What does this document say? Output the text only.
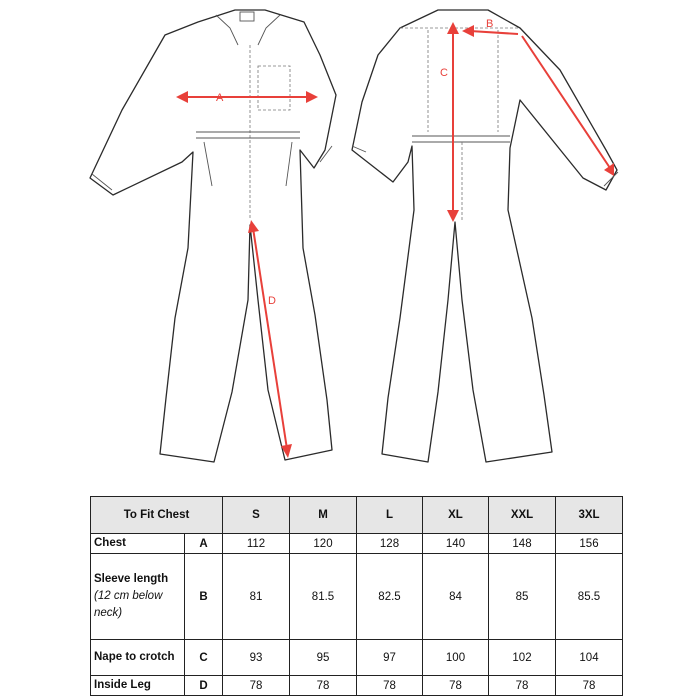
A
B
C
D
To Fit Chest		S	M	L	XL	XXL	3XL
Chest	A	112	120	128	140	148	156
Sleeve length (12 cm below neck)	B	81	81.5	82.5	84	85	85.5
Nape to crotch	C	93	95	97	100	102	104
Inside Leg	D	78	78	78	78	78	78
